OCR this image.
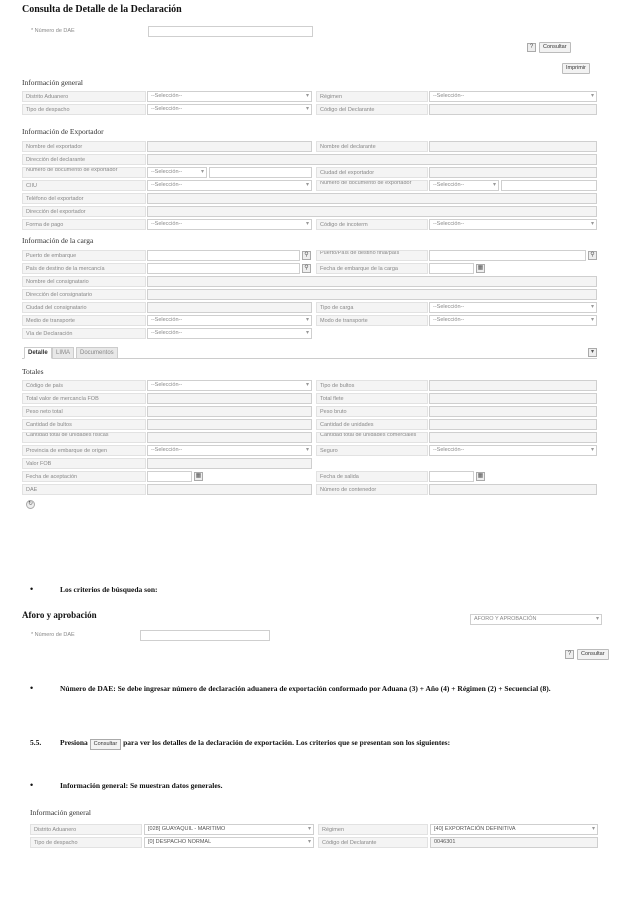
Consulta de Detalle de la Declaración
* Número de DAE
?	Consultar
Imprimir
Información general
Distrito Aduanero	--Selección-- ▾	Régimen	--Selección-- ▾
Tipo de despacho	--Selección-- ▾	Código del Declarante
Información de Exportador
Nombre del exportador	Nombre del declarante
Dirección del declarante
Número de documento de exportador	--Selección-- ▾	Ciudad del exportador
CIIU	--Selección-- ▾	Número de documento de exportador	--Selección-- ▾
Teléfono del exportador
Dirección del exportador
Forma de pago	--Selección-- ▾	Código de incoterm	--Selección-- ▾
Información de la carga
Puerto de embarque	⚲	Puerto/País de destino final/país	⚲
País de destino de la mercancía	⚲	Fecha de embarque de la carga	▦
Nombre del consignatario
Dirección del consignatario
Ciudad del consignatario	Tipo de carga	--Selección-- ▾
Medio de transporte	--Selección-- ▾	Modo de transporte	--Selección-- ▾
Vía de Declaración	--Selección-- ▾
Detalle	LIMA	Documentos	▾
Totales
Código de país	--Selección-- ▾	Tipo de bultos
Total valor de mercancía FOB	Total flete
Peso neto total	Peso bruto
Cantidad de bultos	Cantidad de unidades
Cantidad total de unidades físicas	Cantidad total de unidades comerciales
Provincia de embarque de origen	--Selección-- ▾	Seguro	--Selección-- ▾
Valor FOB
Fecha de aceptación	▦	Fecha de salida	▦
DAE	Número de contenedor
↻
•	Los criterios de búsqueda son:
Aforo y aprobación	AFORO Y APROBACIÓN ▾
* Número de DAE
?	Consultar
•	Número de DAE: Se debe ingresar número de declaración aduanera de exportación conformado por Aduana (3) + Año (4) + Régimen (2) + Secuencial (8).
5.5.	Presiona Consultar para ver los detalles de la declaración de exportación. Los criterios que se presentan son los siguientes:
•	Información general: Se muestran datos generales.
Información general
Distrito Aduanero	[028] GUAYAQUIL - MARITIMO ▾	Régimen	[40] EXPORTACIÓN DEFINITIVA ▾
Tipo de despacho	[0] DESPACHO NORMAL ▾	Código del Declarante	0046301
